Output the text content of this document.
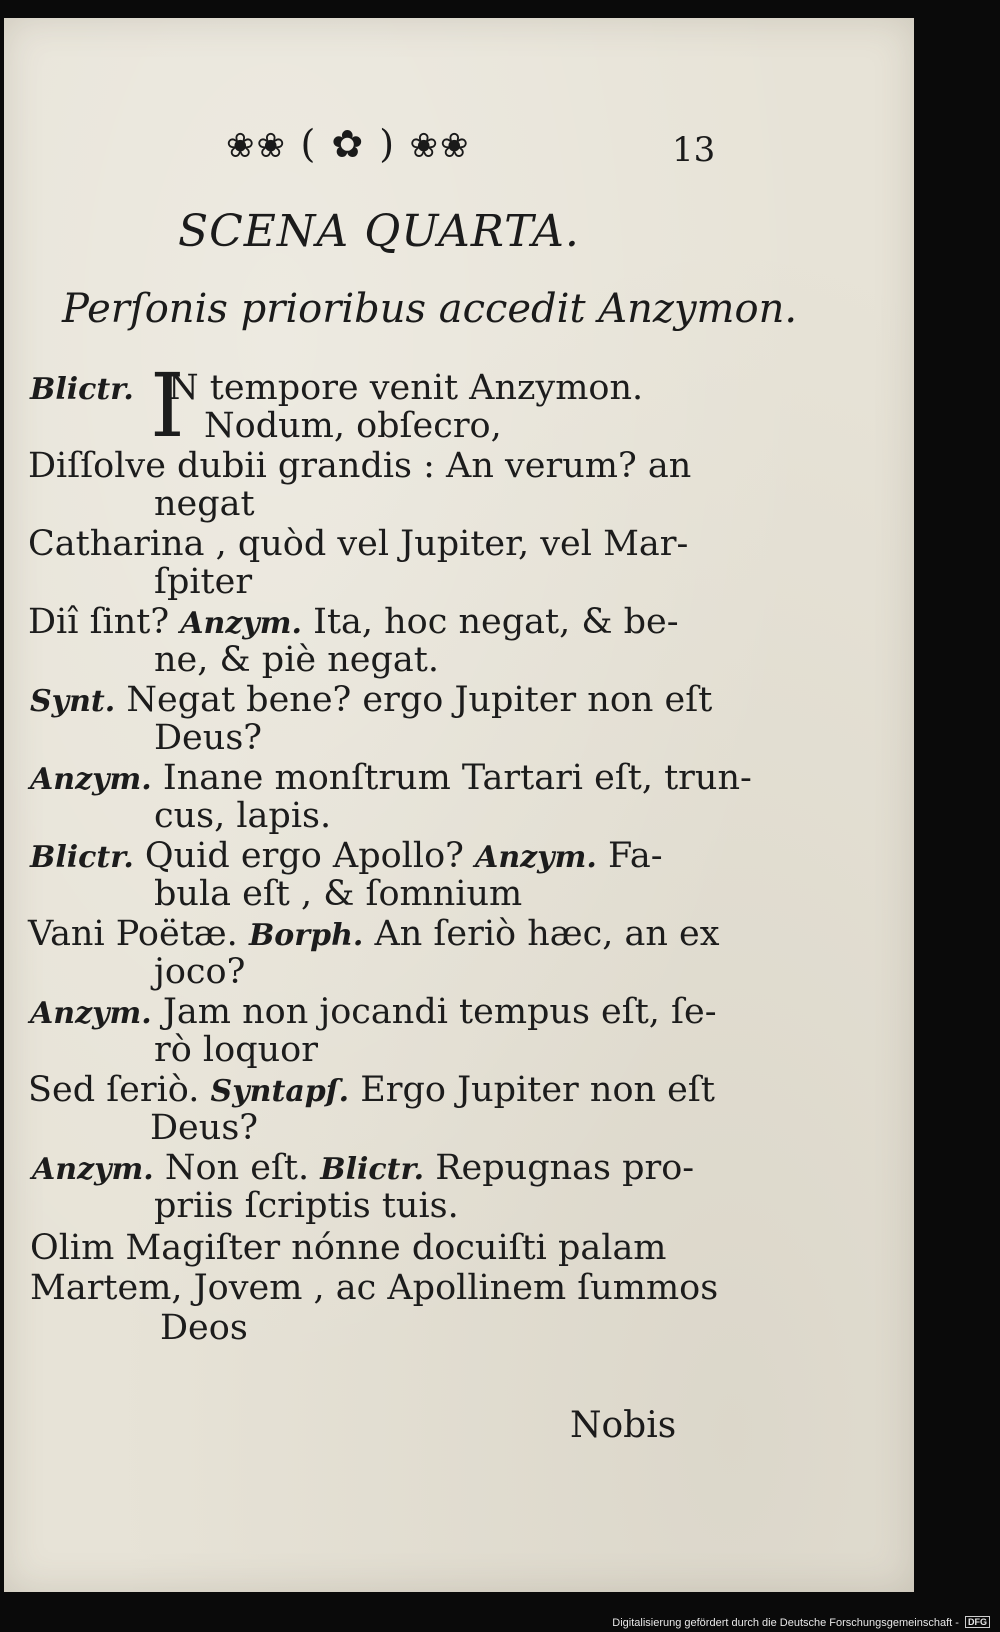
❀❀ ( ✿ ) ❀❀	13
SCENA QUARTA.
Perſonis prioribus accedit Anzymon.
Blictr. I
N tempore venit Anzymon.
Nodum, obſecro,
Diſſolve dubii grandis : An verum? an
negat
Catharina , quòd vel Jupiter, vel Mar-
ſpiter
Diî ſint? Anzym. Ita, hoc negat, & be-
ne, & piè negat.
Synt. Negat bene? ergo Jupiter non eſt
Deus?
Anzym. Inane monſtrum Tartari eſt, trun-
cus, lapis.
Blictr. Quid ergo Apollo? Anzym. Fa-
bula eſt , & ſomnium
Vani Poëtæ. Borph. An ſeriò hæc, an ex
joco?
Anzym. Jam non jocandi tempus eſt, ſe-
rò loquor
Sed ſeriò. Syntapſ. Ergo Jupiter non eſt
Deus?
Anzym. Non eſt. Blictr. Repugnas pro-
priis ſcriptis tuis.
Olim Magiſter nónne docuiſti palam
Martem, Jovem , ac Apollinem ſummos
Deos
Nobis
Digitalisierung gefördert durch die Deutsche Forschungsgemeinschaft - DFG
